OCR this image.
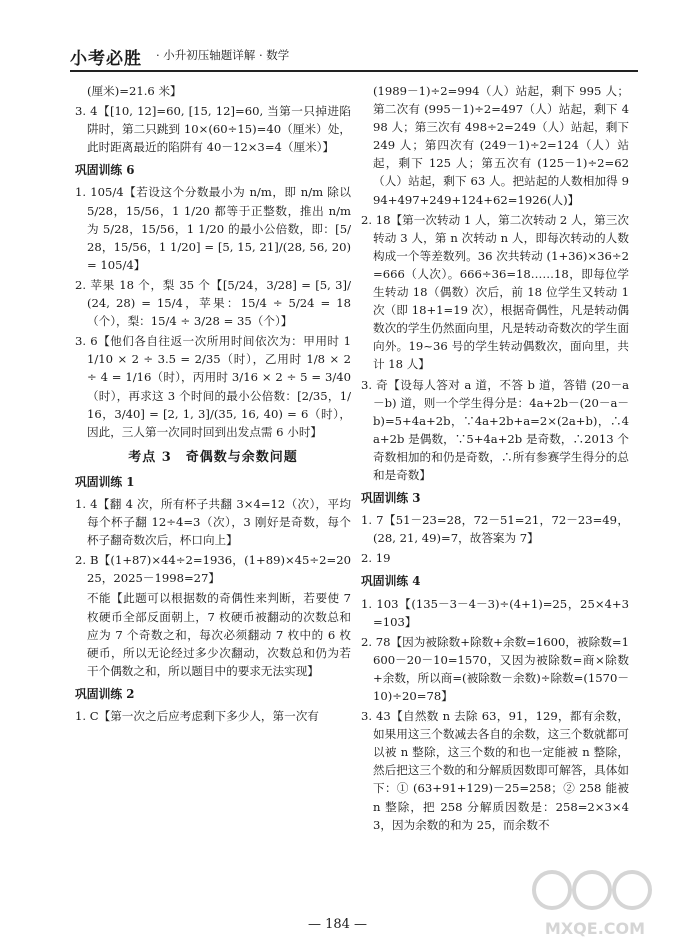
小考必胜 · 小升初压轴题详解 · 数学
(厘米)=21.6 米】
3. 4【[10, 12]=60, [15, 12]=60, 当第一只掉进陷阱时，第二只跳到 10×(60÷15)=40（厘米）处，此时距离最近的陷阱有 40－12×3=4（厘米）】
巩固训练 6
1. 105/4【若设这个分数最小为 n/m，即 n/m 除以 5/28，15/56，1 1/20 都等于正整数，推出 n/m 为 5/28，15/56，1 1/20 的最小公倍数，即：[5/28，15/56，1 1/20] = [5, 15, 21]/(28, 56, 20) = 105/4】
2. 苹果 18 个，梨 35 个【[5/24，3/28] = [5, 3]/(24, 28) = 15/4，苹果：15/4 ÷ 5/24 = 18（个），梨：15/4 ÷ 3/28 = 35（个）】
3. 6【他们各自往返一次所用时间依次为：甲用时 1 1/10 × 2 ÷ 3.5 = 2/35（时），乙用时 1/8 × 2 ÷ 4 = 1/16（时），丙用时 3/16 × 2 ÷ 5 = 3/40（时），再求这 3 个时间的最小公倍数：[2/35，1/16，3/40] = [2, 1, 3]/(35, 16, 40) = 6（时），因此，三人第一次同时回到出发点需 6 小时】
考点 3　奇偶数与余数问题
巩固训练 1
1. 4【翻 4 次，所有杯子共翻 3×4=12（次），平均每个杯子翻 12÷4=3（次），3 刚好是奇数，每个杯子翻奇数次后，杯口向上】
2. B【(1+87)×44÷2=1936，(1+89)×45÷2=2025，2025－1998=27】
不能【此题可以根据数的奇偶性来判断，若要使 7 枚硬币全部反面朝上，7 枚硬币被翻动的次数总和应为 7 个奇数之和，每次必须翻动 7 枚中的 6 枚硬币，所以无论经过多少次翻动，次数总和仍为若干个偶数之和，所以题目中的要求无法实现】
巩固训练 2
1. C【第一次之后应考虑剩下多少人，第一次有
(1989－1)÷2=994（人）站起，剩下 995 人；第二次有 (995－1)÷2=497（人）站起，剩下 498 人；第三次有 498÷2=249（人）站起，剩下 249 人；第四次有 (249－1)÷2=124（人）站起，剩下 125 人；第五次有 (125－1)÷2=62（人）站起，剩下 63 人。把站起的人数相加得 994+497+249+124+62=1926(人)】
2. 18【第一次转动 1 人，第二次转动 2 人，第三次转动 3 人，第 n 次转动 n 人，即每次转动的人数构成一个等差数列。36 次共转动 (1+36)×36÷2=666（人次）。666÷36=18……18，即每位学生转动 18（偶数）次后，前 18 位学生又转动 1 次（即 18+1=19 次），根据奇偶性，凡是转动偶数次的学生仍然面向里，凡是转动奇数次的学生面向外。19~36 号的学生转动偶数次，面向里，共计 18 人】
3. 奇【设每人答对 a 道，不答 b 道，答错 (20－a－b) 道，则一个学生得分是：4a+2b－(20－a－b)=5+4a+2b，∵4a+2b+a=2×(2a+b)，∴4a+2b 是偶数，∵5+4a+2b 是奇数，∴2013 个奇数相加的和仍是奇数，∴所有参赛学生得分的总和是奇数】
巩固训练 3
1. 7【51－23=28，72－51=21，72－23=49，(28, 21, 49)=7，故答案为 7】
2. 19
巩固训练 4
1. 103【(135－3－4－3)÷(4+1)=25，25×4+3=103】
2. 78【因为被除数+除数+余数=1600，被除数=1600－20－10=1570，又因为被除数=商×除数+余数，所以商=(被除数－余数)÷除数=(1570－10)÷20=78】
3. 43【自然数 n 去除 63，91，129，都有余数，如果用这三个数减去各自的余数，这三个数就都可以被 n 整除，这三个数的和也一定能被 n 整除，然后把这三个数的和分解质因数即可解答，具体如下：① (63+91+129)－25=258；② 258 能被 n 整除，把 258 分解质因数是：258=2×3×43，因为余数的和为 25，而余数不
— 184 —	MXQE.COM
